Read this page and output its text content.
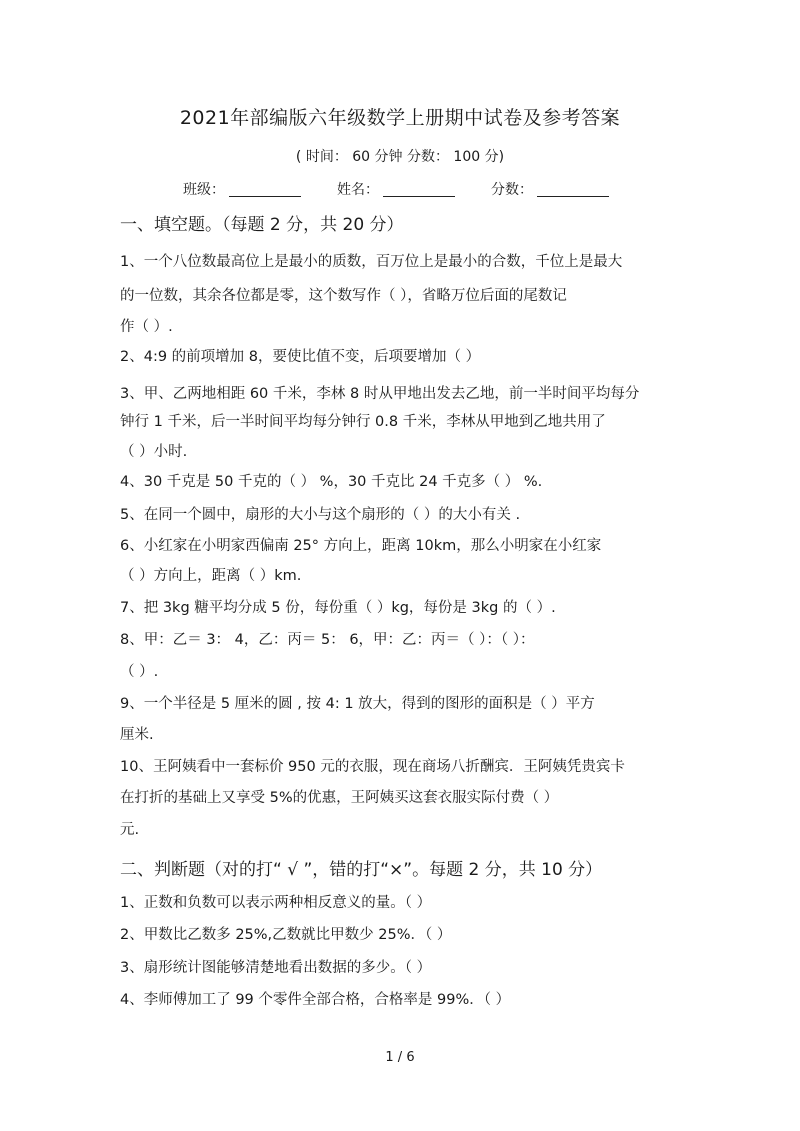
2021年部编版六年级数学上册期中试卷及参考答案
( 时间： 60 分钟 分数： 100 分)
班级：	姓名：	分数：
一、填空题。（每题 2 分，共 20 分）
1、一个八位数最高位上是最小的质数，百万位上是最小的合数，千位上是最大
的一位数，其余各位都是零，这个数写作（ ），省略万位后面的尾数记
作（ ）.
2、4:9 的前项增加 8，要使比值不变，后项要增加（ ）
3、甲、乙两地相距 60 千米，李林 8 时从甲地出发去乙地，前一半时间平均每分
钟行 1 千米，后一半时间平均每分钟行 0.8 千米，李林从甲地到乙地共用了
（ ）小时.
4、30 千克是 50 千克的（ ） %，30 千克比 24 千克多（ ） %.
5、在同一个圆中，扇形的大小与这个扇形的（ ）的大小有关 .
6、小红家在小明家西偏南 25° 方向上，距离 10km，那么小明家在小红家
（ ）方向上，距离（ ）km.
7、把 3kg 糖平均分成 5 份，每份重（ ）kg，每份是 3kg 的（ ）.
8、甲：乙＝ 3： 4，乙：丙＝ 5： 6，甲：乙：丙＝（ ）：（ ）：
（ ）.
9、一个半径是 5 厘米的圆 , 按 4: 1 放大，得到的图形的面积是（ ）平方
厘米.
10、王阿姨看中一套标价 950 元的衣服，现在商场八折酬宾．王阿姨凭贵宾卡
在打折的基础上又享受 5%的优惠，王阿姨买这套衣服实际付费（ ）
元.
二、判断题（对的打“ √ ”，错的打“×”。每题 2 分，共 10 分）
1、正数和负数可以表示两种相反意义的量。（ ）
2、甲数比乙数多 25%,乙数就比甲数少 25%．（ ）
3、扇形统计图能够清楚地看出数据的多少。（ ）
4、李师傅加工了 99 个零件全部合格，合格率是 99%．（ ）
1 / 6
